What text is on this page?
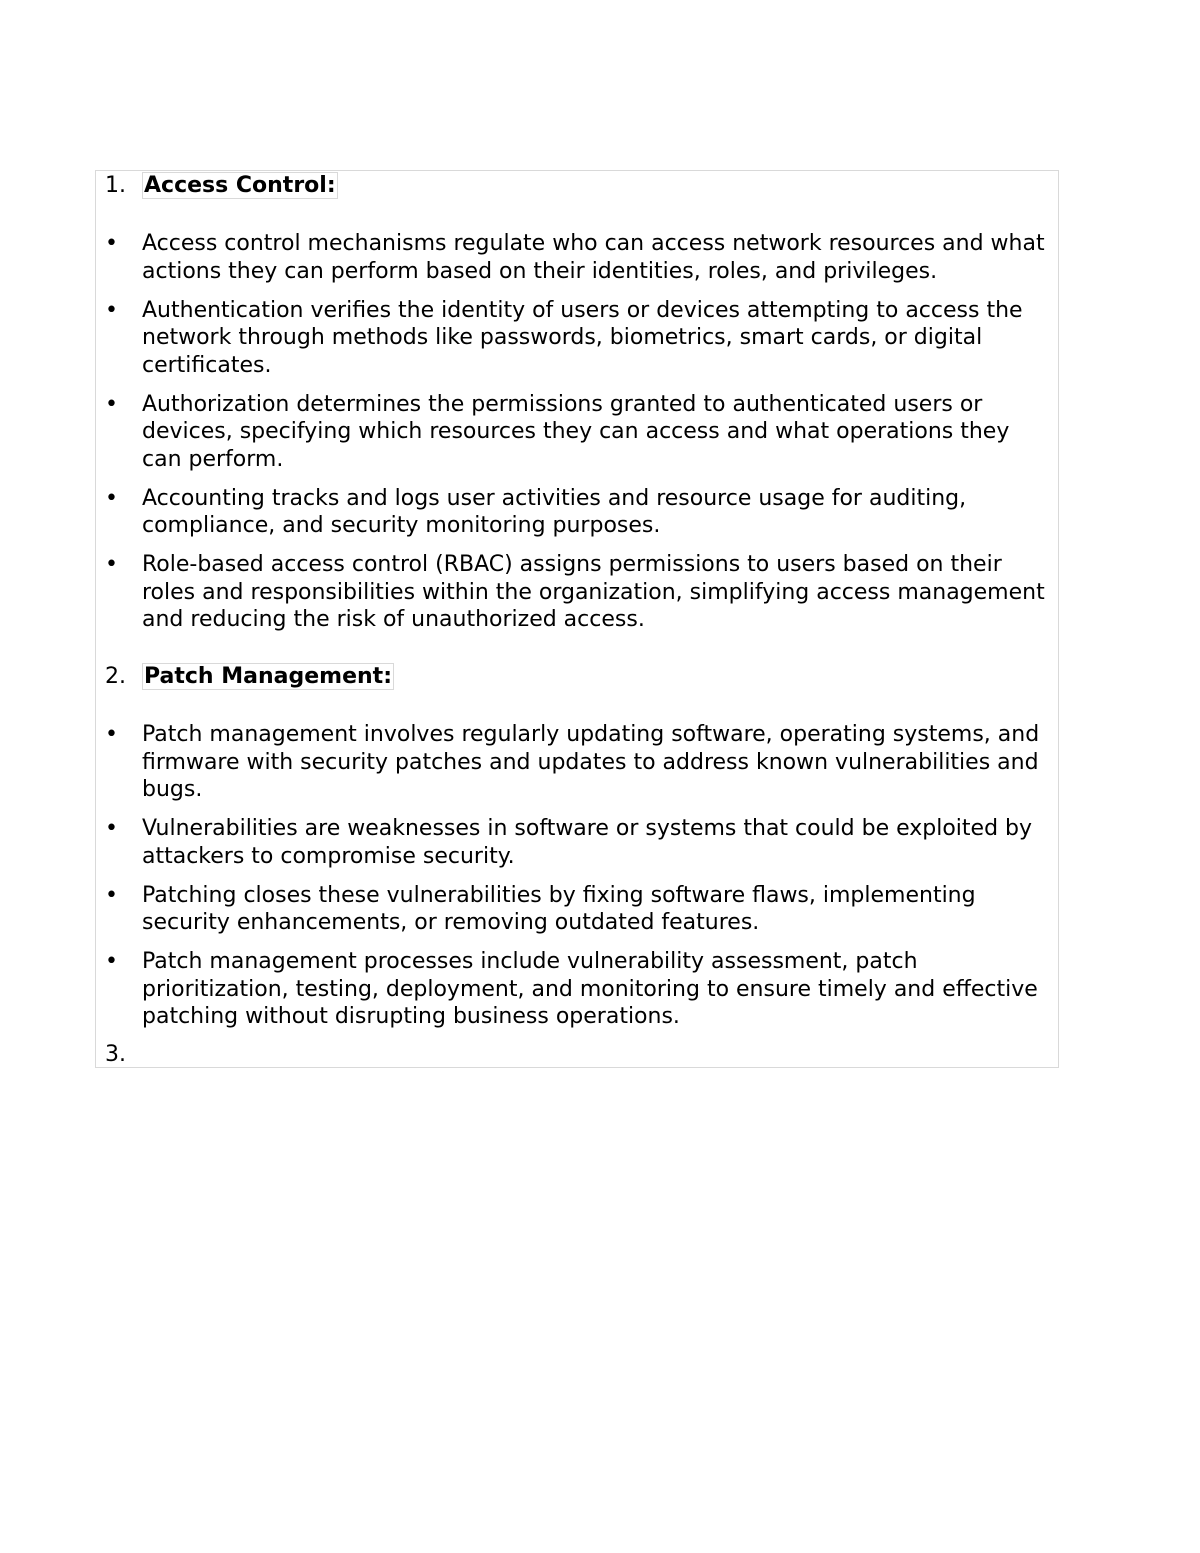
1. Access Control:
•	Access control mechanisms regulate who can access network resources and what actions they can perform based on their identities, roles, and privileges.
•	Authentication verifies the identity of users or devices attempting to access the network through methods like passwords, biometrics, smart cards, or digital certificates.
•	Authorization determines the permissions granted to authenticated users or devices, specifying which resources they can access and what operations they can perform.
•	Accounting tracks and logs user activities and resource usage for auditing, compliance, and security monitoring purposes.
•	Role-based access control (RBAC) assigns permissions to users based on their roles and responsibilities within the organization, simplifying access management and reducing the risk of unauthorized access.
2. Patch Management:
•	Patch management involves regularly updating software, operating systems, and firmware with security patches and updates to address known vulnerabilities and bugs.
•	Vulnerabilities are weaknesses in software or systems that could be exploited by attackers to compromise security.
•	Patching closes these vulnerabilities by fixing software flaws, implementing security enhancements, or removing outdated features.
•	Patch management processes include vulnerability assessment, patch prioritization, testing, deployment, and monitoring to ensure timely and effective patching without disrupting business operations.
3.
